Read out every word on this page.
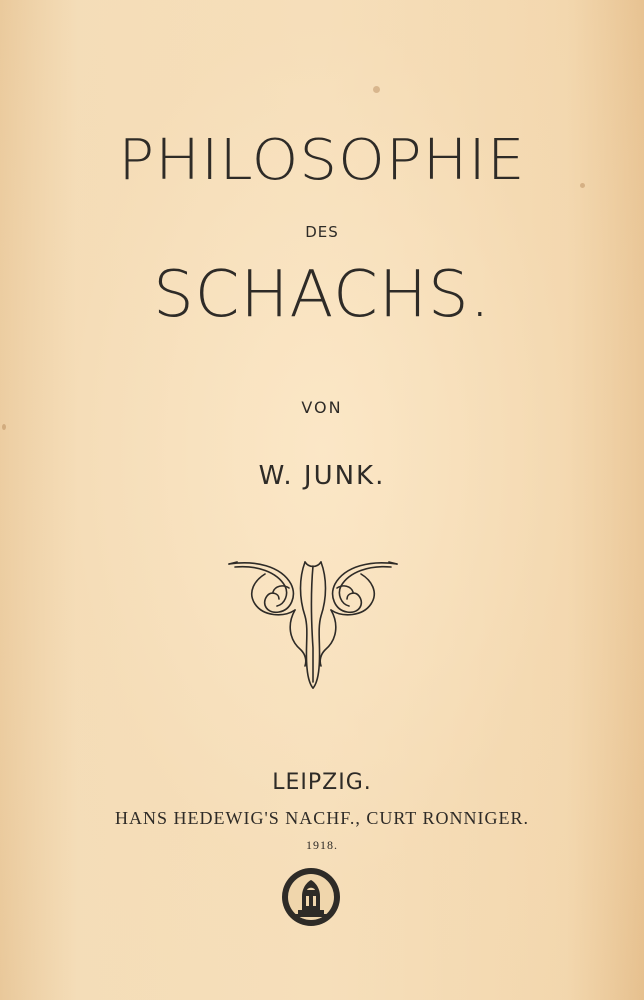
PHILOSOPHIE
DES
SCHACHS.
VON
W. JUNK.
LEIPZIG.
HANS HEDEWIG'S NACHF., CURT RONNIGER.
1918.
